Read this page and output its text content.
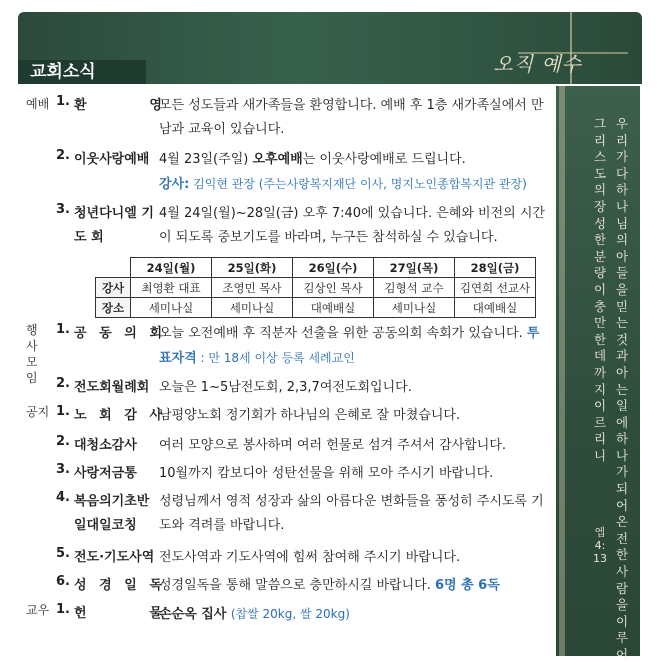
오직 예수
교회소식
우리가다하나님의아들을믿는것과아는일에하나가되어온전한사람을이루어
그리스도의장성한분량이충만한데까지이르리니
엡 4:13
예배
행사모임
공지
교우
1. 환 영
모든 성도들과 새가족들을 환영합니다. 예배 후 1층 새가족실에서 만남과 교육이 있습니다.
2. 이웃사랑예배 4월 23일(주일) 오후예배는 이웃사랑예배로 드립니다.
강사: 김익현 관장 (주는사랑복지재단 이사, 명지노인종합복지관 관장)
3. 청년다니엘 기 도 회
4월 24일(월)~28일(금) 오후 7:40에 있습니다. 은혜와 비전의 시간이 되도록 중보기도를 바라며, 누구든 참석하실 수 있습니다.
	24일(월)	25일(화)	26일(수)	27일(목)	28일(금)
강사	최영환 대표	조영민 목사	김상인 목사	김형석 교수	김연희 선교사
장소	세미나실	세미나실	대예배실	세미나실	대예배실
1. 공 동 의 회
오늘 오전예배 후 직분자 선출을 위한 공동의회 속회가 있습니다. 투표자격 : 만 18세 이상 등록 세례교인
2. 전도회월례회 오늘은 1~5남전도회, 2,3,7여전도회입니다.
1. 노 회 감 사
남평양노회 정기회가 하나님의 은혜로 잘 마쳤습니다.
2. 대청소감사	여러 모양으로 봉사하며 여러 헌물로 섬겨 주셔서 감사합니다.
3. 사랑저금통	10월까지 캄보디아 성탄선물을 위해 모아 주시기 바랍니다.
4. 복음의기초반 일대일코칭
성령님께서 영적 성장과 삶의 아름다운 변화들을 풍성히 주시도록 기도와 격려를 바랍니다.
5. 전도·기도사역 전도사역과 기도사역에 힘써 참여해 주시기 바랍니다.
6. 성 경 일 독
성경일독을 통해 말씀으로 충만하시길 바랍니다. 6명 총 6독
1. 헌 물
손순옥 집사 (찹쌀 20kg, 쌀 20kg)
